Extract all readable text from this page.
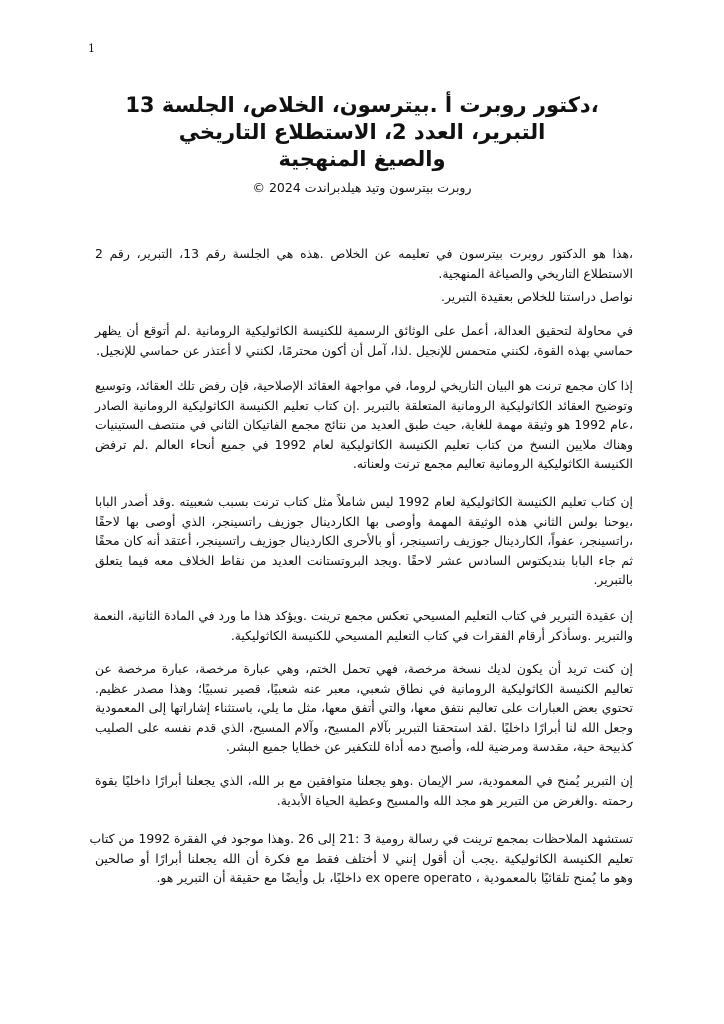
1
،دكتور روبرت أ .بيترسون، الخلاص، الجلسة 13
التبرير، العدد 2، الاستطلاع التاريخي
والصيغ المنهجية
روبرت بيترسون وتيد هيلدبراندت 2024 ©
،هذا هو الدكتور روبرت بيترسون في تعليمه عن الخلاص .هذه هي الجلسة رقم 13، التبرير، رقم 2
الاستطلاع التاريخي والصياغة المنهجية.
نواصل دراستنا للخلاص بعقيدة التبرير.
في محاولة لتحقيق العدالة، أعمل على الوثائق الرسمية للكنيسة الكاثوليكية الرومانية .لم أتوقع أن يظهر
حماسي بهذه القوة، لكنني متحمس للإنجيل .لذا، آمل أن أكون محترمًا، لكنني لا أعتذر عن حماسي للإنجيل.
إذا كان مجمع ترنت هو البيان التاريخي لروما، في مواجهة العقائد الإصلاحية، فإن رفض تلك العقائد، وتوسيع
وتوضيح العقائد الكاثوليكية الرومانية المتعلقة بالتبرير .إن كتاب تعليم الكنيسة الكاثوليكية الرومانية الصادر
،عام 1992 هو وثيقة مهمة للغاية، حيث طبق العديد من نتائج مجمع الفاتيكان الثاني في منتصف الستينيات
وهناك ملايين النسخ من كتاب تعليم الكنيسة الكاثوليكية لعام 1992 في جميع أنحاء العالم .لم ترفض
الكنيسة الكاثوليكية الرومانية تعاليم مجمع ترنت ولعناته.
إن كتاب تعليم الكنيسة الكاثوليكية لعام 1992 ليس شاملاً مثل كتاب ترنت بسبب شعبيته .وقد أصدر البابا
،يوحنا بولس الثاني هذه الوثيقة المهمة وأوصى بها الكاردينال جوزيف راتسينجر، الذي أوصى بها لاحقًا
،راتسينجر، عفواً، الكاردينال جوزيف راتسينجر، أو بالأحرى الكاردينال جوزيف راتسينجر، أعتقد أنه كان محقًا
ثم جاء البابا بنديكتوس السادس عشر لاحقًا .ويجد البروتستانت العديد من نقاط الخلاف معه فيما يتعلق
بالتبرير.
إن عقيدة التبرير في كتاب التعليم المسيحي تعكس مجمع ترينت .ويؤكد هذا ما ورد في المادة الثانية، النعمة
والتبرير .وسأذكر أرقام الفقرات في كتاب التعليم المسيحي للكنيسة الكاثوليكية.
إن كنت تريد أن يكون لديك نسخة مرخصة، فهي تحمل الختم، وهي عبارة مرخصة، عبارة مرخصة عن
تعاليم الكنيسة الكاثوليكية الرومانية في نطاق شعبي، معبر عنه شعبيًا، قصير نسبيًا؛ وهذا مصدر عظيم.
تحتوي بعض العبارات على تعاليم نتفق معها، والتي أتفق معها، مثل ما يلي، باستثناء إشاراتها إلى المعمودية
وجعل الله لنا أبرارًا داخليًا .لقد استحقنا التبرير بآلام المسيح، وآلام المسيح، الذي قدم نفسه على الصليب
كذبيحة حية، مقدسة ومرضية لله، وأصبح دمه أداة للتكفير عن خطايا جميع البشر.
إن التبرير يُمنح في المعمودية، سر الإيمان .وهو يجعلنا متوافقين مع بر الله، الذي يجعلنا أبرارًا داخليًا بقوة
رحمته .والغرض من التبرير هو مجد الله والمسيح وعطية الحياة الأبدية.
تستشهد الملاحظات بمجمع ترينت في رسالة رومية 3 :21 إلى 26 .وهذا موجود في الفقرة 1992 من كتاب
تعليم الكنيسة الكاثوليكية .يجب أن أقول إنني لا أختلف فقط مع فكرة أن الله يجعلنا أبرارًا أو صالحين
وهو ما يُمنح تلقائيًا بالمعمودية ، ex opere operato داخليًا، بل وأيضًا مع حقيقة أن التبرير هو.
